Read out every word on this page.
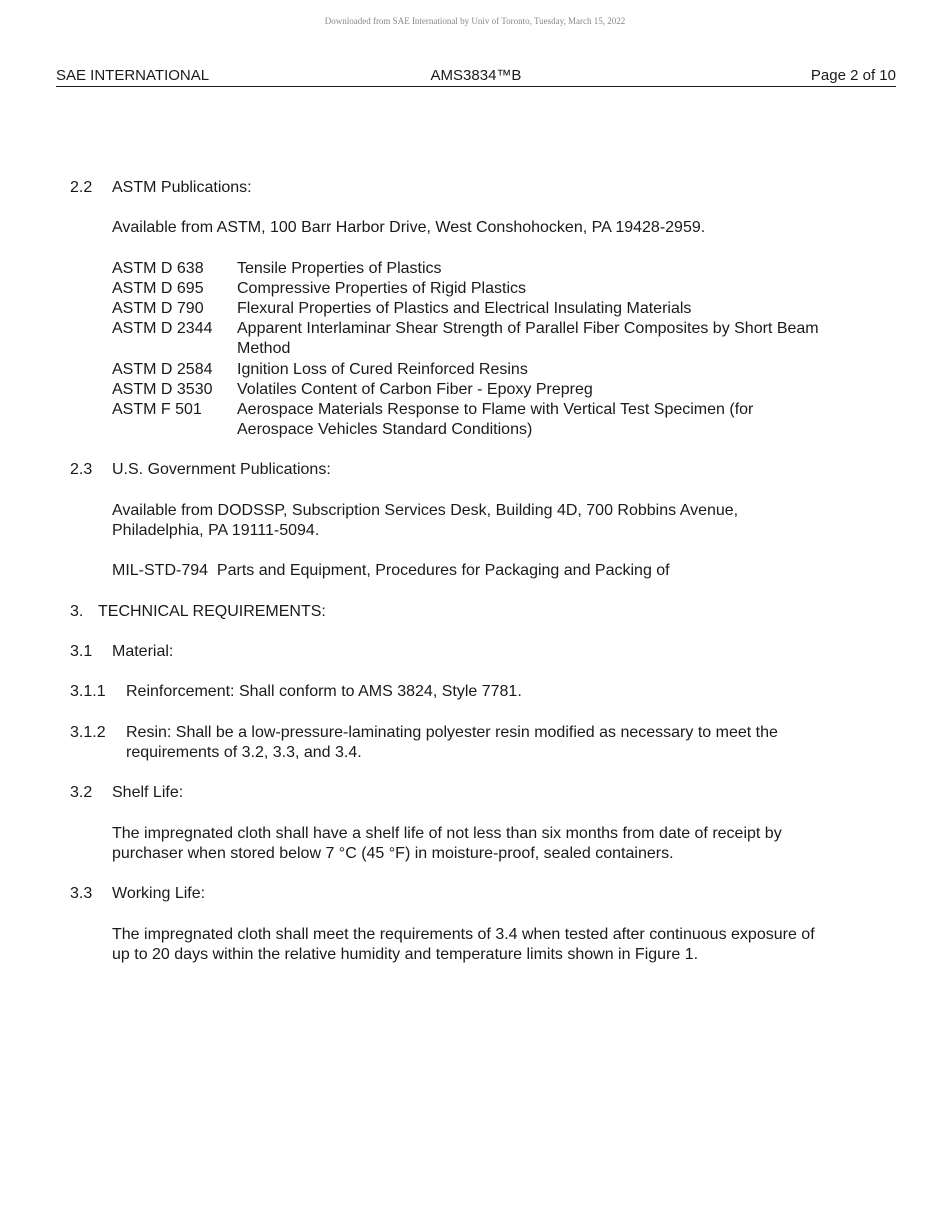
Downloaded from SAE International by Univ of Toronto, Tuesday, March 15, 2022
SAE INTERNATIONAL	AMS3834™B	Page 2 of 10
2.2 ASTM Publications:
Available from ASTM, 100 Barr Harbor Drive, West Conshohocken, PA 19428-2959.
ASTM D 638 Tensile Properties of Plastics
ASTM D 695 Compressive Properties of Rigid Plastics
ASTM D 790 Flexural Properties of Plastics and Electrical Insulating Materials
ASTM D 2344 Apparent Interlaminar Shear Strength of Parallel Fiber Composites by Short Beam
Method
ASTM D 2584 Ignition Loss of Cured Reinforced Resins
ASTM D 3530 Volatiles Content of Carbon Fiber - Epoxy Prepreg
ASTM F 501 Aerospace Materials Response to Flame with Vertical Test Specimen (for
Aerospace Vehicles Standard Conditions)
2.3 U.S. Government Publications:
Available from DODSSP, Subscription Services Desk, Building 4D, 700 Robbins Avenue,
Philadelphia, PA 19111-5094.
MIL-STD-794  Parts and Equipment, Procedures for Packaging and Packing of
3. TECHNICAL REQUIREMENTS:
3.1 Material:
3.1.1 Reinforcement: Shall conform to AMS 3824, Style 7781.
3.1.2 Resin: Shall be a low-pressure-laminating polyester resin modified as necessary to meet the
requirements of 3.2, 3.3, and 3.4.
3.2 Shelf Life:
The impregnated cloth shall have a shelf life of not less than six months from date of receipt by
purchaser when stored below 7 °C (45 °F) in moisture-proof, sealed containers.
3.3 Working Life:
The impregnated cloth shall meet the requirements of 3.4 when tested after continuous exposure of
up to 20 days within the relative humidity and temperature limits shown in Figure 1.
